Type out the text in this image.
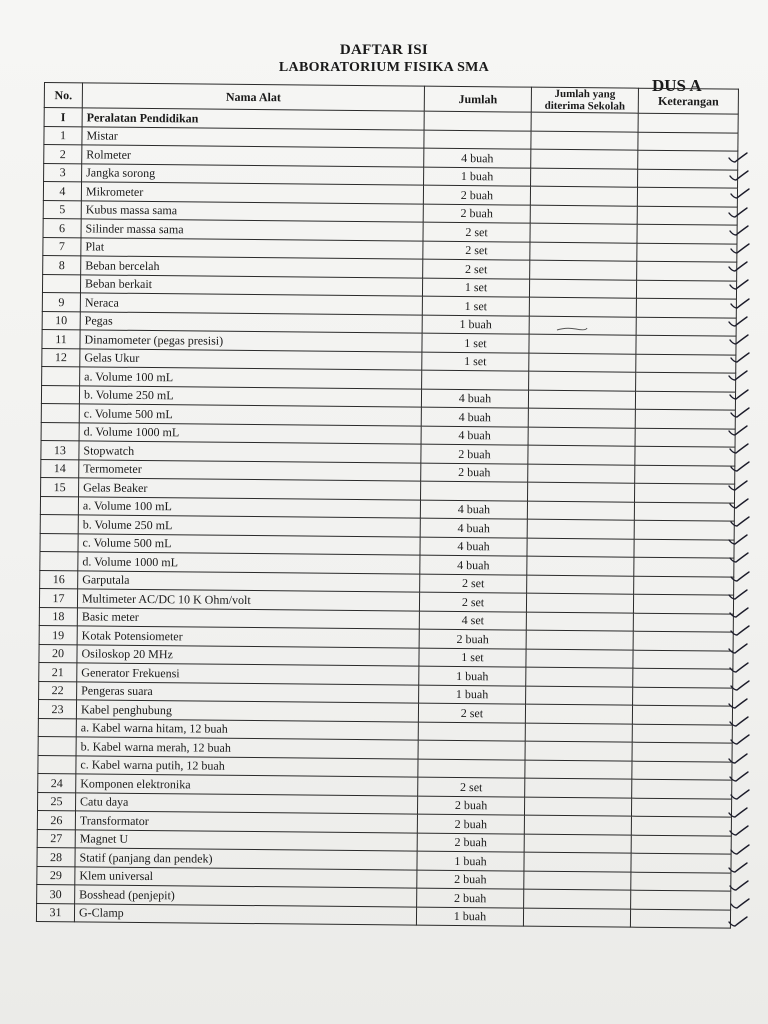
DAFTAR ISI
LABORATORIUM FISIKA SMA
DUS A
No.	Nama Alat	Jumlah	Jumlah yang diterima Sekolah	Keterangan
I	Peralatan Pendidikan			
1	Mistar			
2	Rolmeter	4 buah		
3	Jangka sorong	1 buah		
4	Mikrometer	2 buah		
5	Kubus massa sama	2 buah		
6	Silinder massa sama	2 set		
7	Plat	2 set		
8	Beban bercelah	2 set		
	Beban berkait	1 set		
9	Neraca	1 set		
10	Pegas	1 buah		
11	Dinamometer (pegas presisi)	1 set		
12	Gelas Ukur	1 set		
	a. Volume 100 mL			
	b. Volume 250 mL	4 buah		
	c. Volume 500 mL	4 buah		
	d. Volume 1000 mL	4 buah		
13	Stopwatch	2 buah		
14	Termometer	2 buah		
15	Gelas Beaker			
	a. Volume 100 mL	4 buah		
	b. Volume 250 mL	4 buah		
	c. Volume 500 mL	4 buah		
	d. Volume 1000 mL	4 buah		
16	Garputala	2 set		
17	Multimeter AC/DC 10 K Ohm/volt	2 set		
18	Basic meter	4 set		
19	Kotak Potensiometer	2 buah		
20	Osiloskop 20 MHz	1 set		
21	Generator Frekuensi	1 buah		
22	Pengeras suara	1 buah		
23	Kabel penghubung	2 set		
	a. Kabel warna hitam, 12 buah			
	b. Kabel warna merah, 12 buah			
	c. Kabel warna putih, 12 buah			
24	Komponen elektronika	2 set		
25	Catu daya	2 buah		
26	Transformator	2 buah		
27	Magnet U	2 buah		
28	Statif (panjang dan pendek)	1 buah		
29	Klem universal	2 buah		
30	Bosshead (penjepit)	2 buah		
31	G-Clamp	1 buah		
